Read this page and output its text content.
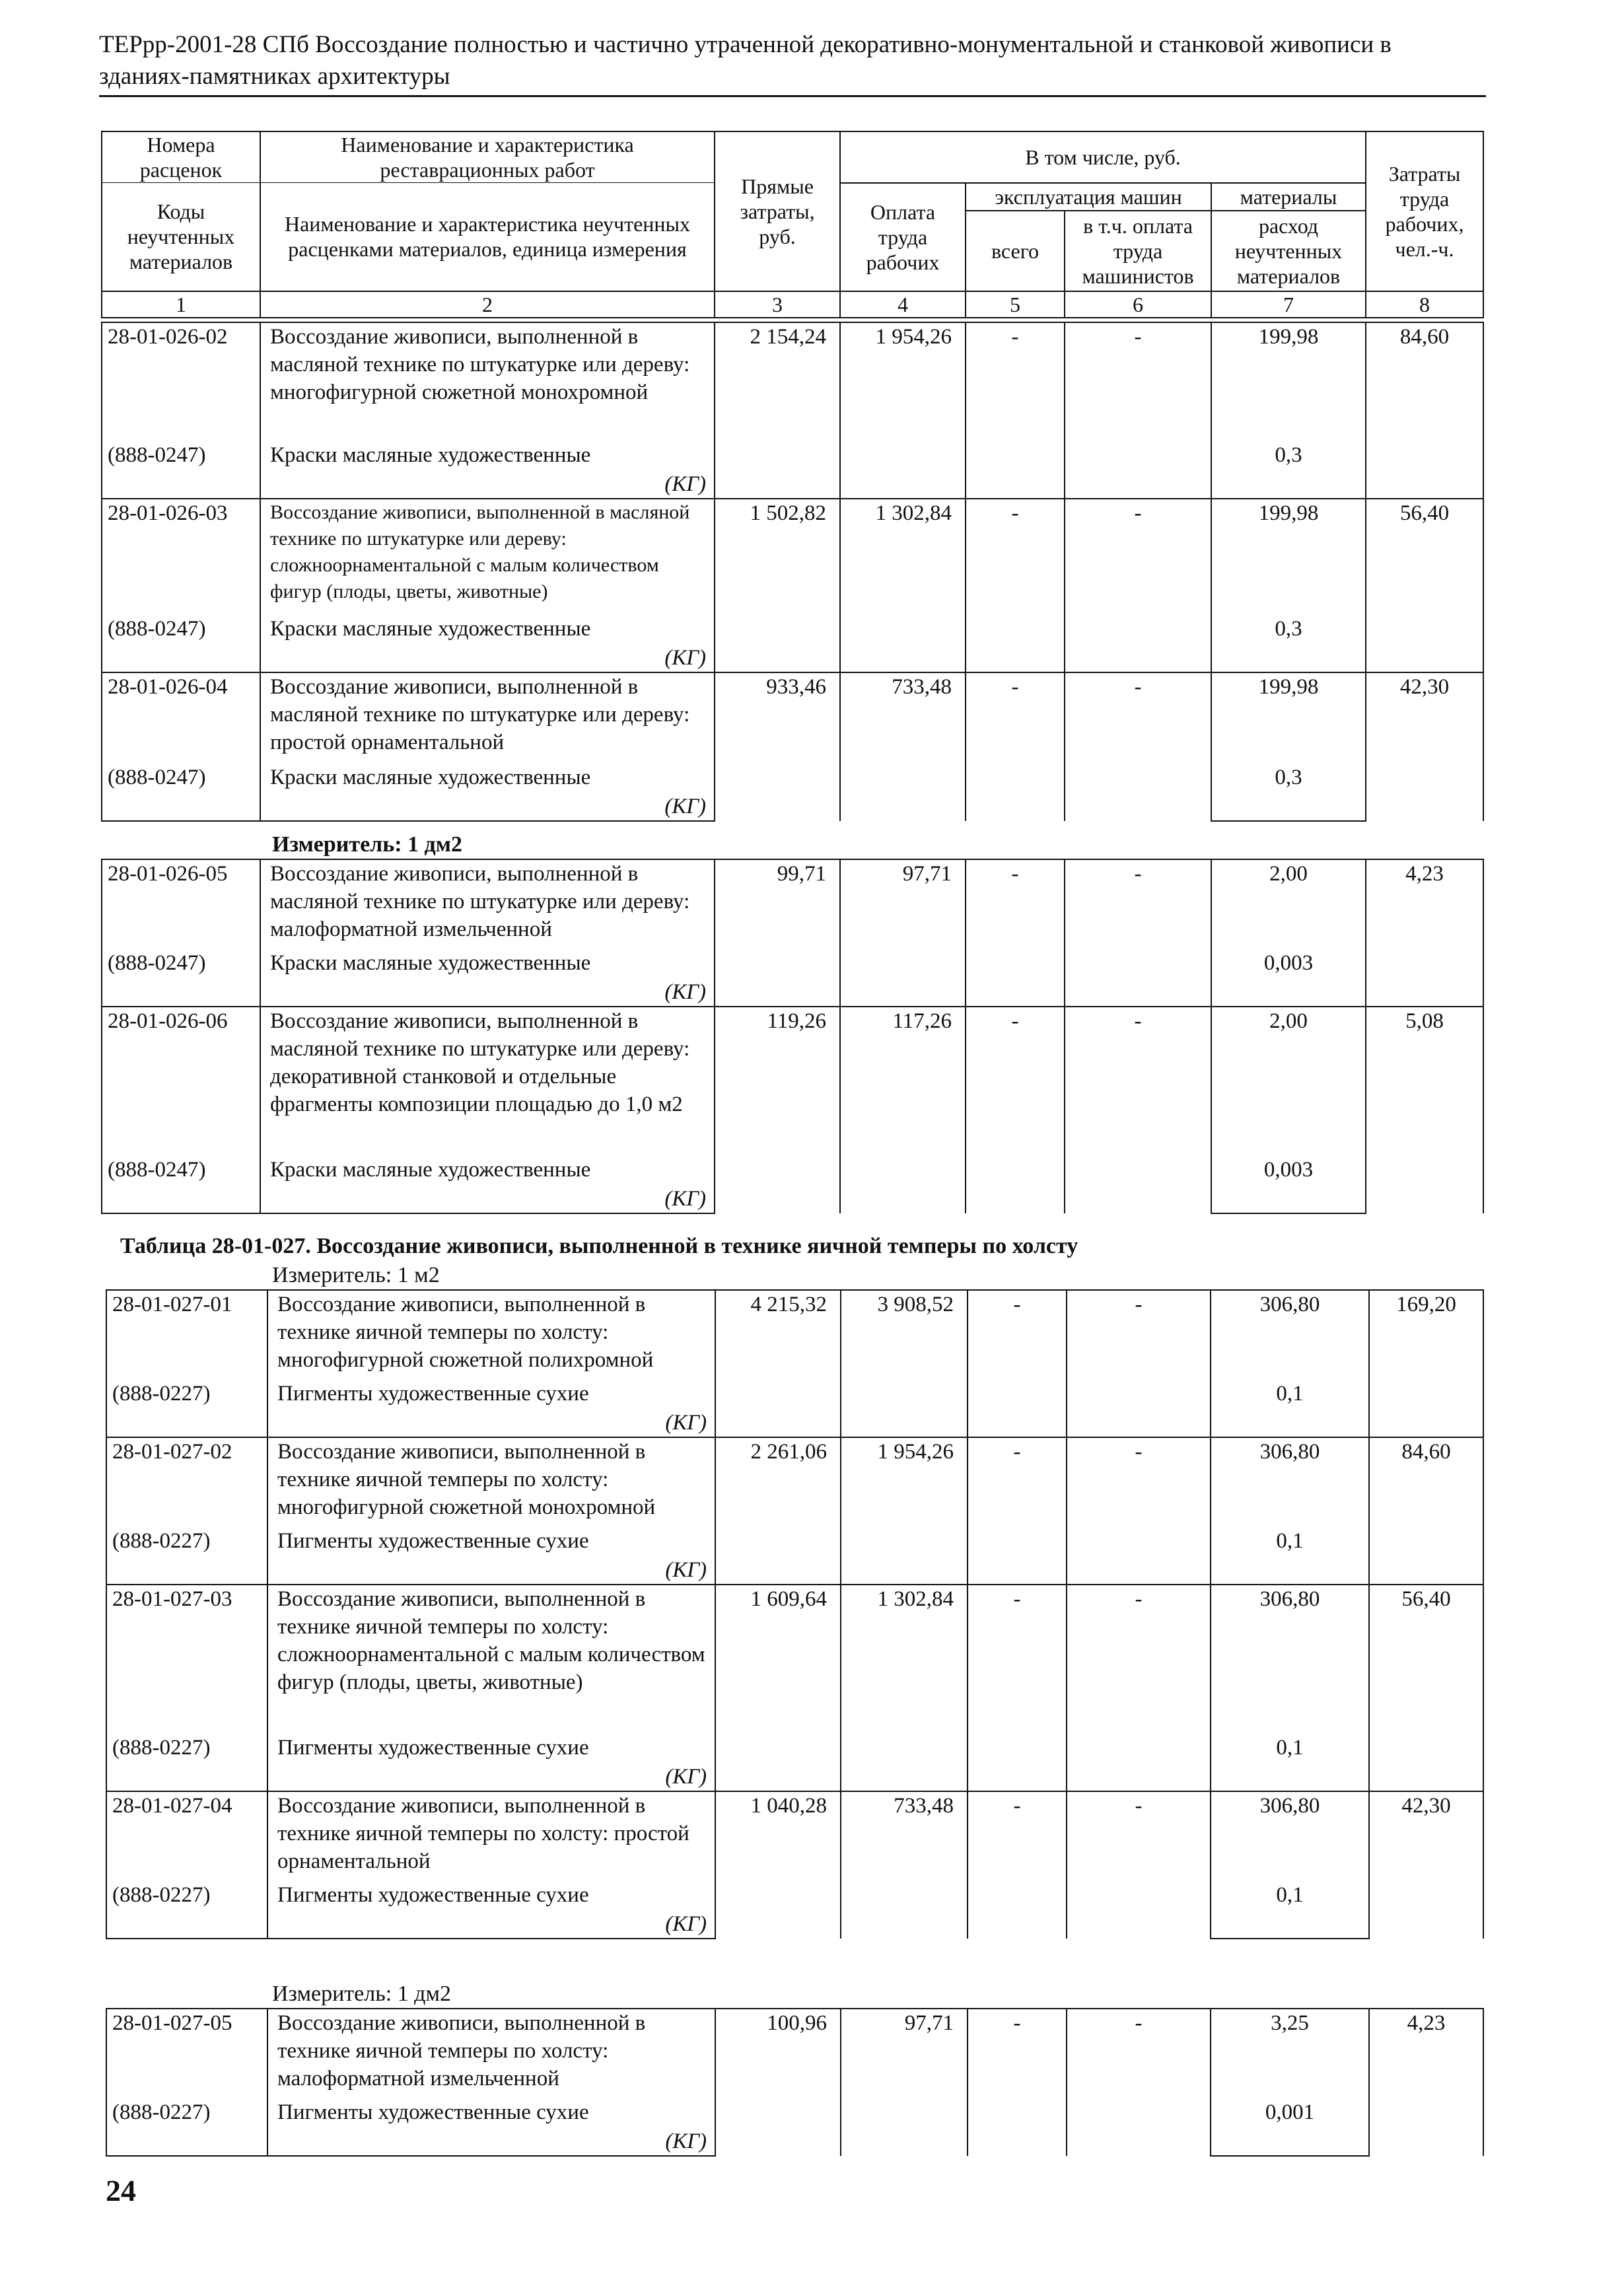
ТЕРрр-2001-28 СПб Воссоздание полностью и частично утраченной декоративно-монументальной и станковой живописи в зданиях-памятниках архитектуры
Номера расценок	Наименование и характеристика реставрационных работ	Прямые затраты, руб.	В том числе, руб.				Затраты труда рабочих, чел.-ч.
Коды неучтенных материалов	Наименование и характеристика неучтенных расценками материалов, единица измерения		Оплата труда рабочих	эксплуатация машин		материалы	
				всего	в т.ч. оплата труда машинистов	расход неучтенных материалов	
1	2	3	4	5	6	7	8
28-01-026-02	Воссоздание живописи, выполненной в масляной технике по штукатурке или дереву: многофигурной сюжетной монохромной	2 154,24	1 954,26	-	-	199,98	84,60
(888-0247)	Краски масляные художественные					0,3	
	(КГ)						
28-01-026-03	Воссоздание живописи, выполненной в масляной технике по штукатурке или дереву: сложноорнаментальной с малым количеством фигур (плоды, цветы, животные)	1 502,82	1 302,84	-	-	199,98	56,40
(888-0247)	Краски масляные художественные					0,3	
	(КГ)						
28-01-026-04	Воссоздание живописи, выполненной в масляной технике по штукатурке или дереву: простой орнаментальной	933,46	733,48	-	-	199,98	42,30
(888-0247)	Краски масляные художественные					0,3	
	(КГ)						
Измеритель: 1 дм2
28-01-026-05	Воссоздание живописи, выполненной в масляной технике по штукатурке или дереву: малоформатной измельченной	99,71	97,71	-	-	2,00	4,23
(888-0247)	Краски масляные художественные					0,003	
	(КГ)						
28-01-026-06	Воссоздание живописи, выполненной в масляной технике по штукатурке или дереву: декоративной станковой и отдельные фрагменты композиции площадью до 1,0 м2	119,26	117,26	-	-	2,00	5,08
(888-0247)	Краски масляные художественные					0,003	
	(КГ)						
Таблица 28-01-027. Воссоздание живописи, выполненной в технике яичной темперы по холсту
Измеритель: 1 м2
28-01-027-01	Воссоздание живописи, выполненной в технике яичной темперы по холсту: многофигурной сюжетной полихромной	4 215,32	3 908,52	-	-	306,80	169,20
(888-0227)	Пигменты художественные сухие					0,1	
	(КГ)						
28-01-027-02	Воссоздание живописи, выполненной в технике яичной темперы по холсту: многофигурной сюжетной монохромной	2 261,06	1 954,26	-	-	306,80	84,60
(888-0227)	Пигменты художественные сухие					0,1	
	(КГ)						
28-01-027-03	Воссоздание живописи, выполненной в технике яичной темперы по холсту: сложноорнаментальной с малым количеством фигур (плоды, цветы, животные)	1 609,64	1 302,84	-	-	306,80	56,40
(888-0227)	Пигменты художественные сухие					0,1	
	(КГ)						
28-01-027-04	Воссоздание живописи, выполненной в технике яичной темперы по холсту: простой орнаментальной	1 040,28	733,48	-	-	306,80	42,30
(888-0227)	Пигменты художественные сухие					0,1	
	(КГ)						
Измеритель: 1 дм2
28-01-027-05	Воссоздание живописи, выполненной в технике яичной темперы по холсту: малоформатной измельченной	100,96	97,71	-	-	3,25	4,23
(888-0227)	Пигменты художественные сухие					0,001	
	(КГ)						
24
